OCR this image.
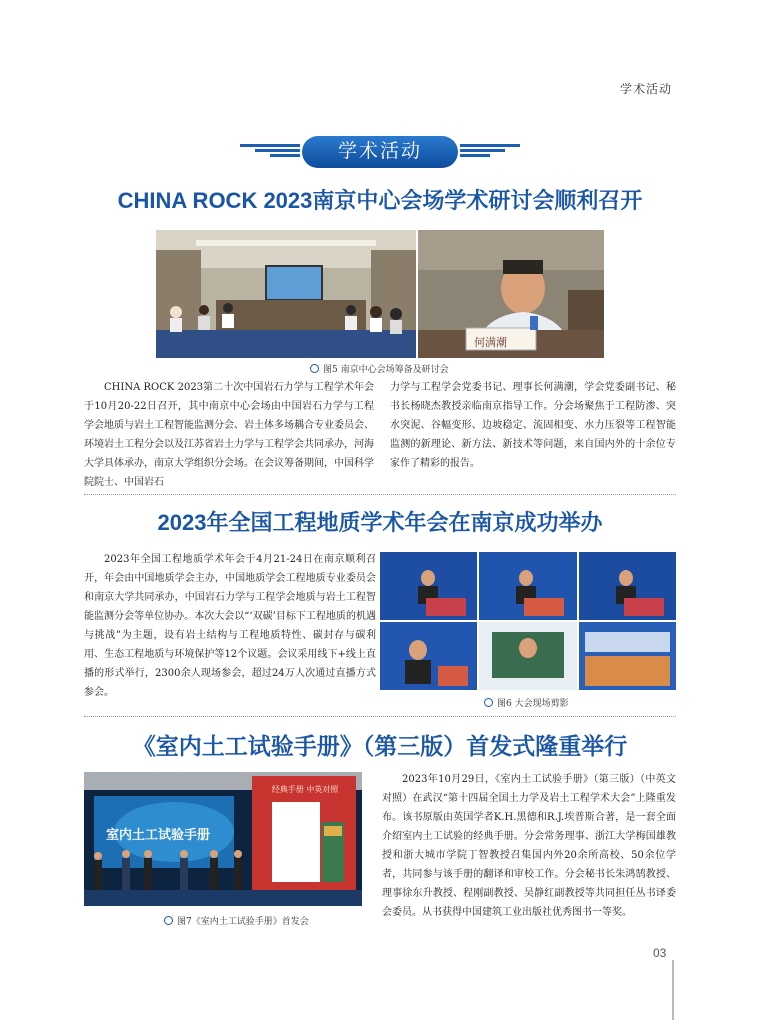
学术活动
学术活动
CHINA ROCK 2023南京中心会场学术研讨会顺利召开
何满潮
图5 南京中心会场筹备及研讨会
CHINA ROCK 2023第二十次中国岩石力学与工程学术年会于10月20-22日召开，其中南京中心会场由中国岩石力学与工程学会地质与岩土工程智能监测分会、岩土体多场耦合专业委员会、环境岩土工程分会以及江苏省岩土力学与工程学会共同承办，河海大学具体承办，南京大学组织分会场。在会议筹备期间，中国科学院院士、中国岩石
力学与工程学会党委书记、理事长何满潮，学会党委副书记、秘书长杨晓杰教授亲临南京指导工作。分会场聚焦于工程防渗、突水突泥、谷幅变形、边坡稳定、流固相变、水力压裂等工程智能监测的新理论、新方法、新技术等问题，来自国内外的十余位专家作了精彩的报告。
2023年全国工程地质学术年会在南京成功举办
2023年全国工程地质学术年会于4月21-24日在南京顺利召开，年会由中国地质学会主办，中国地质学会工程地质专业委员会和南京大学共同承办，中国岩石力学与工程学会地质与岩土工程智能监测分会等单位协办。本次大会以“‘双碳’目标下工程地质的机遇与挑战”为主题，设有岩土结构与工程地质特性、碳封存与碳利用、生态工程地质与环境保护等12个议题。会议采用线下+线上直播的形式举行，2300余人现场参会，超过24万人次通过直播方式参会。
图6 大会现场剪影
《室内土工试验手册》（第三版）首发式隆重举行
室内土工试验手册
经典手册 中英对照
图7《室内土工试验手册》首发会
2023年10月29日，《室内土工试验手册》（第三版）（中英文对照）在武汉“第十四届全国土力学及岩土工程学术大会”上隆重发布。该书原版由英国学者K.H.黑德和R.J.埃普斯合著，是一套全面介绍室内土工试验的经典手册。分会常务理事、浙江大学梅国雄教授和浙大城市学院丁智教授召集国内外20余所高校、50余位学者，共同参与该手册的翻译和审校工作。分会秘书长朱鸿鹄教授、理事徐东升教授、程刚副教授、吴静红副教授等共同担任丛书译委会委员。从书获得中国建筑工业出版社优秀图书一等奖。
03
